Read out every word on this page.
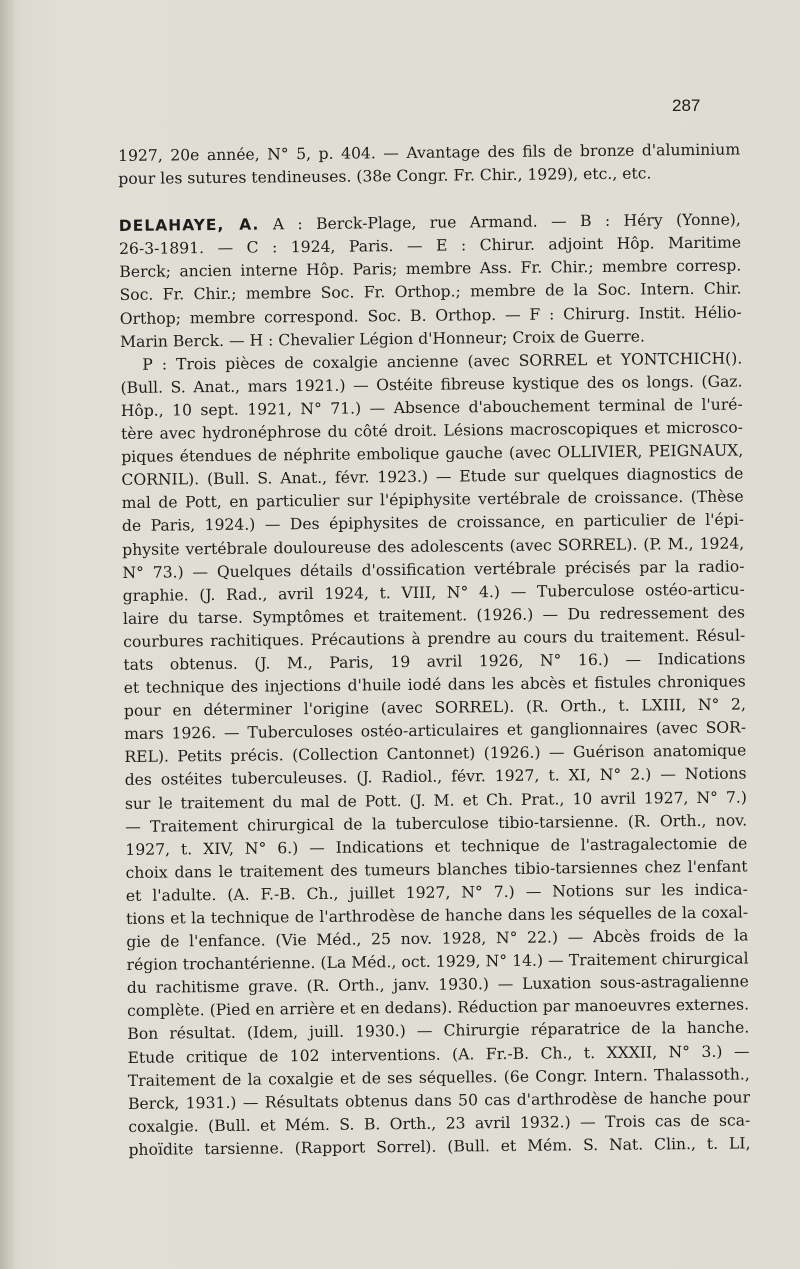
287
1927, 20e année, N° 5, p. 404. — Avantage des fils de bronze d'aluminium
pour les sutures tendineuses. (38e Congr. Fr. Chir., 1929), etc., etc.
DELAHAYE, A. A : Berck-Plage, rue Armand. — B : Héry (Yonne),
26-3-1891. — C : 1924, Paris. — E : Chirur. adjoint Hôp. Maritime
Berck; ancien interne Hôp. Paris; membre Ass. Fr. Chir.; membre corresp.
Soc. Fr. Chir.; membre Soc. Fr. Orthop.; membre de la Soc. Intern. Chir.
Orthop; membre correspond. Soc. B. Orthop. — F : Chirurg. Instit. Hélio-
Marin Berck. — H : Chevalier Légion d'Honneur; Croix de Guerre.
P : Trois pièces de coxalgie ancienne (avec SORREL et YONTCHICH().
(Bull. S. Anat., mars 1921.) — Ostéite fibreuse kystique des os longs. (Gaz.
Hôp., 10 sept. 1921, N° 71.) — Absence d'abouchement terminal de l'uré-
tère avec hydronéphrose du côté droit. Lésions macroscopiques et microsco-
piques étendues de néphrite embolique gauche (avec OLLIVIER, PEIGNAUX,
CORNIL). (Bull. S. Anat., févr. 1923.) — Etude sur quelques diagnostics de
mal de Pott, en particulier sur l'épiphysite vertébrale de croissance. (Thèse
de Paris, 1924.) — Des épiphysites de croissance, en particulier de l'épi-
physite vertébrale douloureuse des adolescents (avec SORREL). (P. M., 1924,
N° 73.) — Quelques détails d'ossification vertébrale précisés par la radio-
graphie. (J. Rad., avril 1924, t. VIII, N° 4.) — Tuberculose ostéo-articu-
laire du tarse. Symptômes et traitement. (1926.) — Du redressement des
courbures rachitiques. Précautions à prendre au cours du traitement. Résul-
tats obtenus. (J. M., Paris, 19 avril 1926, N° 16.) — Indications
et technique des injections d'huile iodé dans les abcès et fistules chroniques
pour en déterminer l'origine (avec SORREL). (R. Orth., t. LXIII, N° 2,
mars 1926. — Tuberculoses ostéo-articulaires et ganglionnaires (avec SOR-
REL). Petits précis. (Collection Cantonnet) (1926.) — Guérison anatomique
des ostéites tuberculeuses. (J. Radiol., févr. 1927, t. XI, N° 2.) — Notions
sur le traitement du mal de Pott. (J. M. et Ch. Prat., 10 avril 1927, N° 7.)
— Traitement chirurgical de la tuberculose tibio-tarsienne. (R. Orth., nov.
1927, t. XIV, N° 6.) — Indications et technique de l'astragalectomie de
choix dans le traitement des tumeurs blanches tibio-tarsiennes chez l'enfant
et l'adulte. (A. F.-B. Ch., juillet 1927, N° 7.) — Notions sur les indica-
tions et la technique de l'arthrodèse de hanche dans les séquelles de la coxal-
gie de l'enfance. (Vie Méd., 25 nov. 1928, N° 22.) — Abcès froids de la
région trochantérienne. (La Méd., oct. 1929, N° 14.) — Traitement chirurgical
du rachitisme grave. (R. Orth., janv. 1930.) — Luxation sous-astragalienne
complète. (Pied en arrière et en dedans). Réduction par manoeuvres externes.
Bon résultat. (Idem, juill. 1930.) — Chirurgie réparatrice de la hanche.
Etude critique de 102 interventions. (A. Fr.-B. Ch., t. XXXII, N° 3.) —
Traitement de la coxalgie et de ses séquelles. (6e Congr. Intern. Thalassoth.,
Berck, 1931.) — Résultats obtenus dans 50 cas d'arthrodèse de hanche pour
coxalgie. (Bull. et Mém. S. B. Orth., 23 avril 1932.) — Trois cas de sca-
phoïdite tarsienne. (Rapport Sorrel). (Bull. et Mém. S. Nat. Clin., t. LI,
